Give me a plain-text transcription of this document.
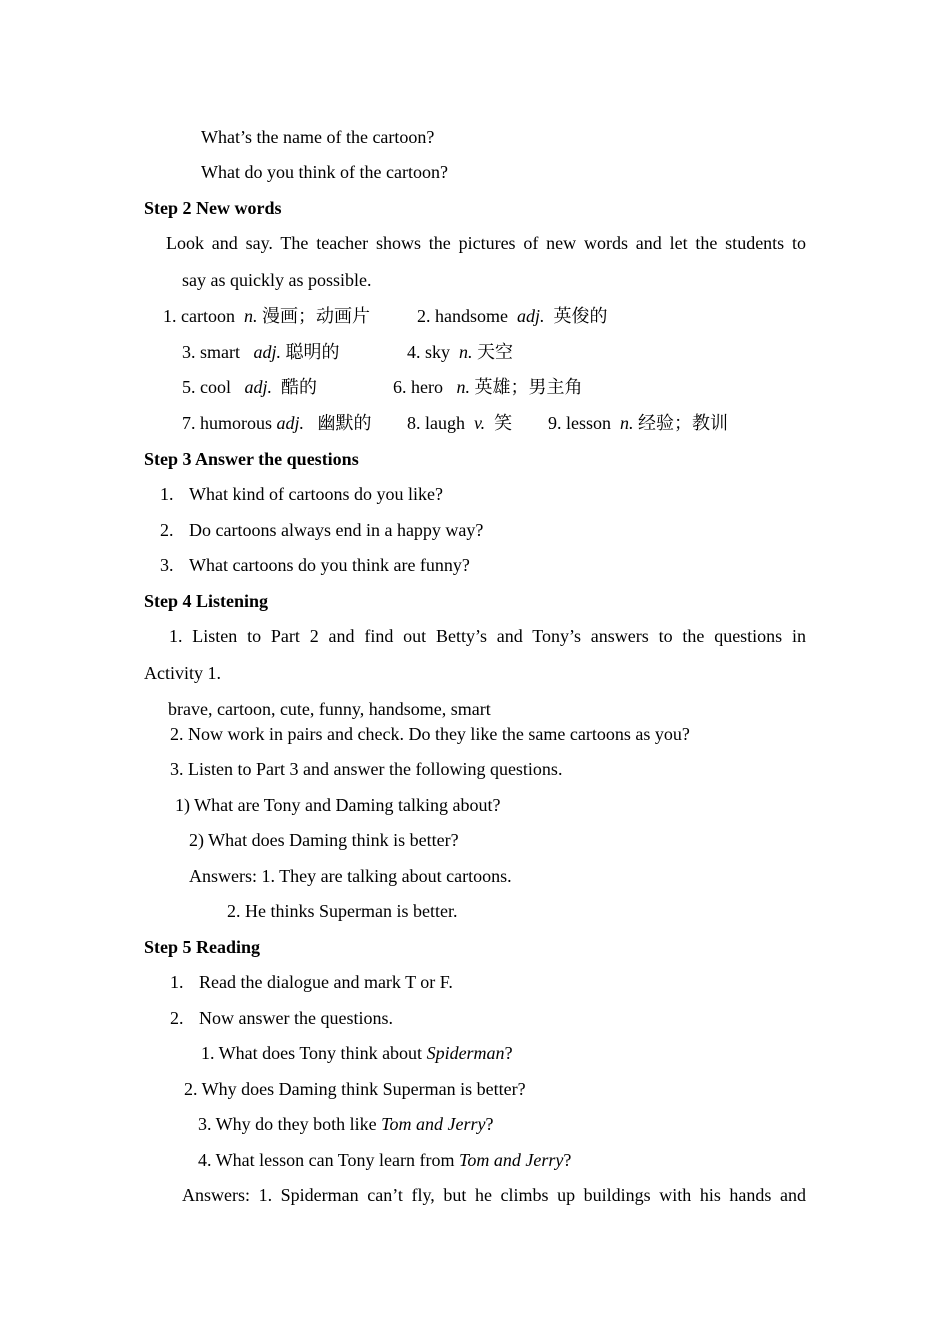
What’s the name of the cartoon?
What do you think of the cartoon?
Step 2 New words
Look and say. The teacher shows the pictures of new words and let the students to
say as quickly as possible.
1. cartoon n. 漫画；动画片	2. handsome adj. 英俊的
3. smart adj. 聪明的	4. sky n. 天空
5. cool adj. 酷的	6. hero n. 英雄；男主角
7. humorous adj. 幽默的 8. laugh v. 笑 9. lesson n. 经验；教训
Step 3 Answer the questions
1. What kind of cartoons do you like?
2. Do cartoons always end in a happy way?
3. What cartoons do you think are funny?
Step 4 Listening
1. Listen to Part 2 and find out Betty’s and Tony’s answers to the questions in
Activity 1.
brave, cartoon, cute, funny, handsome, smart
2. Now work in pairs and check. Do they like the same cartoons as you?
3. Listen to Part 3 and answer the following questions.
1) What are Tony and Daming talking about?
2) What does Daming think is better?
Answers: 1. They are talking about cartoons.
2. He thinks Superman is better.
Step 5 Reading
1. Read the dialogue and mark T or F.
2. Now answer the questions.
1. What does Tony think about Spiderman?
2. Why does Daming think Superman is better?
3. Why do they both like Tom and Jerry?
4. What lesson can Tony learn from Tom and Jerry?
Answers: 1. Spiderman can’t fly, but he climbs up buildings with his hands and
